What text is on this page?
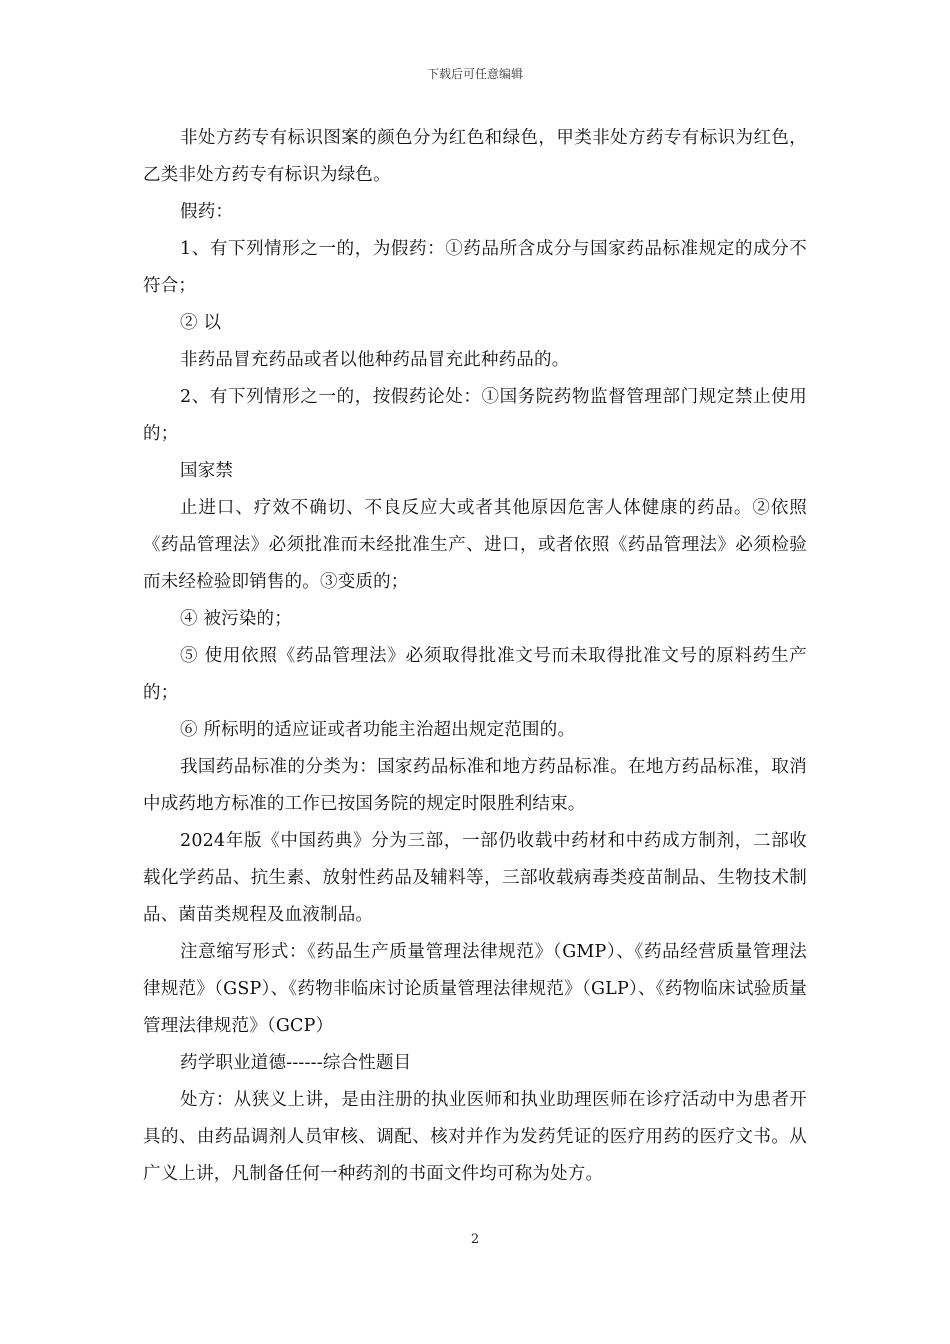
下载后可任意编辑

非处方药专有标识图案的颜色分为红色和绿色，甲类非处方药专有标识为红色，乙类非处方药专有标识为绿色。

假药：

1、有下列情形之一的，为假药：①药品所含成分与国家药品标准规定的成分不符合；

② 以

非药品冒充药品或者以他种药品冒充此种药品的。

2、有下列情形之一的，按假药论处：①国务院药物监督管理部门规定禁止使用的；

国家禁

止进口、疗效不确切、不良反应大或者其他原因危害人体健康的药品。②依照《药品管理法》必须批准而未经批准生产、进口，或者依照《药品管理法》必须检验而未经检验即销售的。③变质的；

④ 被污染的；

⑤ 使用依照《药品管理法》必须取得批准文号而未取得批准文号的原料药生产的；

⑥ 所标明的适应证或者功能主治超出规定范围的。

我国药品标准的分类为：国家药品标准和地方药品标准。在地方药品标准，取消中成药地方标准的工作已按国务院的规定时限胜利结束。

2024年版《中国药典》分为三部，一部仍收载中药材和中药成方制剂，二部收载化学药品、抗生素、放射性药品及辅料等，三部收载病毒类疫苗制品、生物技术制品、菌苗类规程及血液制品。

注意缩写形式：《药品生产质量管理法律规范》（GMP）、《药品经营质量管理法律规范》（GSP）、《药物非临床讨论质量管理法律规范》（GLP）、《药物临床试验质量管理法律规范》（GCP）

药学职业道德------综合性题目

处方：从狭义上讲，是由注册的执业医师和执业助理医师在诊疗活动中为患者开具的、由药品调剂人员审核、调配、核对并作为发药凭证的医疗用药的医疗文书。从广义上讲，凡制备任何一种药剂的书面文件均可称为处方。

2
